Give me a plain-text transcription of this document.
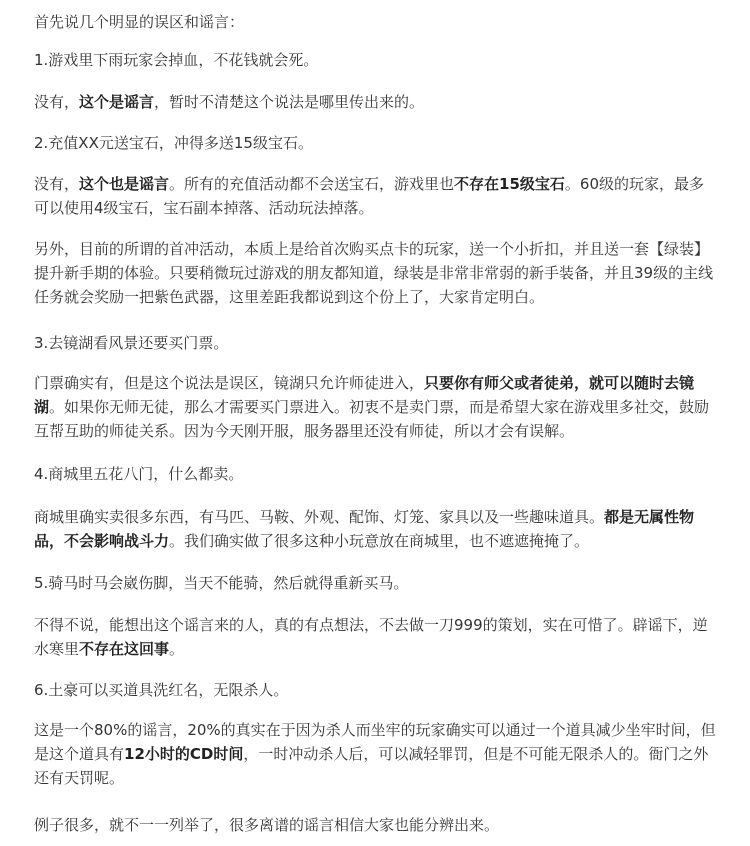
首先说几个明显的误区和谣言：

1.游戏里下雨玩家会掉血，不花钱就会死。

没有，这个是谣言，暂时不清楚这个说法是哪里传出来的。

2.充值XX元送宝石，冲得多送15级宝石。

没有，这个也是谣言。所有的充值活动都不会送宝石，游戏里也不存在15级宝石。60级的玩家，最多可以使用4级宝石，宝石副本掉落、活动玩法掉落。

另外，目前的所谓的首冲活动，本质上是给首次购买点卡的玩家，送一个小折扣，并且送一套【绿装】提升新手期的体验。只要稍微玩过游戏的朋友都知道，绿装是非常非常弱的新手装备，并且39级的主线任务就会奖励一把紫色武器，这里差距我都说到这个份上了，大家肯定明白。

3.去镜湖看风景还要买门票。

门票确实有，但是这个说法是误区，镜湖只允许师徒进入，只要你有师父或者徒弟，就可以随时去镜湖。如果你无师无徒，那么才需要买门票进入。初衷不是卖门票，而是希望大家在游戏里多社交，鼓励互帮互助的师徒关系。因为今天刚开服，服务器里还没有师徒，所以才会有误解。

4.商城里五花八门，什么都卖。

商城里确实卖很多东西，有马匹、马鞍、外观、配饰、灯笼、家具以及一些趣味道具。都是无属性物品，不会影响战斗力。我们确实做了很多这种小玩意放在商城里，也不遮遮掩掩了。

5.骑马时马会崴伤脚，当天不能骑，然后就得重新买马。

不得不说，能想出这个谣言来的人，真的有点想法，不去做一刀999的策划，实在可惜了。辟谣下，逆水寒里不存在这回事。

6.土豪可以买道具洗红名，无限杀人。

这是一个80%的谣言，20%的真实在于因为杀人而坐牢的玩家确实可以通过一个道具减少坐牢时间，但是这个道具有12小时的CD时间，一时冲动杀人后，可以减轻罪罚，但是不可能无限杀人的。衙门之外还有天罚呢。

例子很多，就不一一列举了，很多离谱的谣言相信大家也能分辨出来。
